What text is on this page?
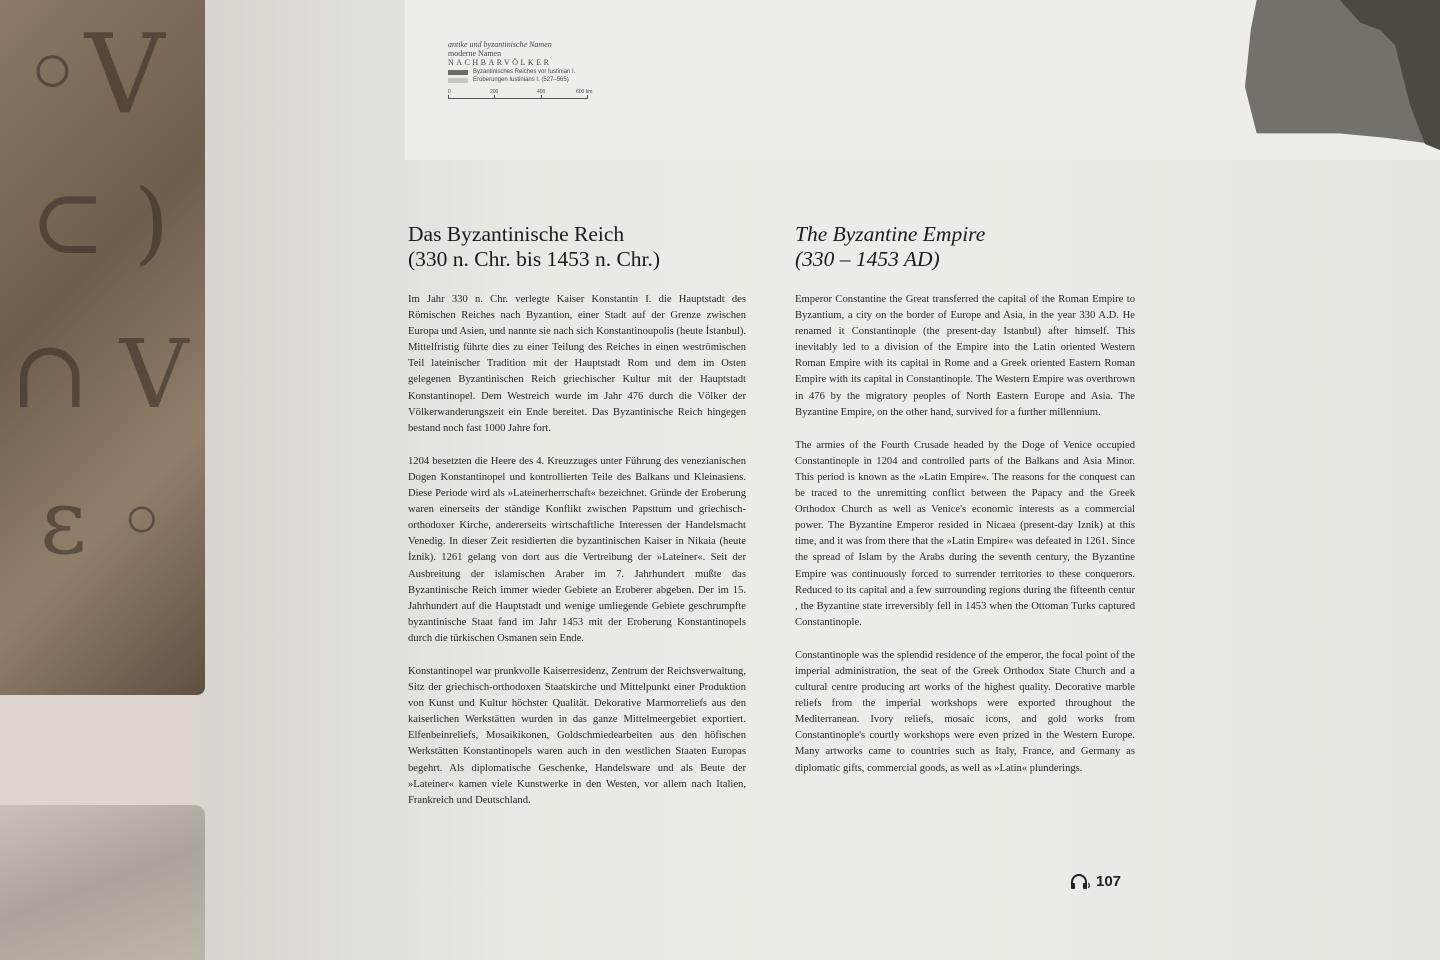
antike und byzantinische Namen
moderne Namen
NACHBARVÖLKER
Byzantinisches Reiches vor Iustinian I.
Eroberungen Iustinians I. (527–565)
0	200	400	600 km
◦V
⊂ )
∩ Ⅴ
ε ◦
Das Byzantinische Reich
(330 n. Chr. bis 1453 n. Chr.)

Im Jahr 330 n. Chr. verlegte Kaiser Konstantin I. die Hauptstadt des Römischen Reiches nach Byzantion, einer Stadt auf der Grenze zwischen Europa und Asien, und nannte sie nach sich Konstantinoupolis (heute İstanbul). Mittelfristig führte dies zu einer Teilung des Reiches in einen weströmischen Teil lateinischer Tradition mit der Hauptstadt Rom und dem im Osten gelegenen Byzantinischen Reich griechischer Kultur mit der Hauptstadt Konstantinopel. Dem Westreich wurde im Jahr 476 durch die Völker der Völkerwanderungszeit ein Ende bereitet. Das Byzantinische Reich hingegen bestand noch fast 1000 Jahre fort.

1204 besetzten die Heere des 4. Kreuzzuges unter Führung des venezianischen Dogen Konstantinopel und kontrollierten Teile des Balkans und Kleinasiens. Diese Periode wird als »Lateinerherrschaft« bezeichnet. Gründe der Eroberung waren einerseits der ständige Konflikt zwischen Papsttum und griechisch-orthodoxer Kirche, andererseits wirtschaftliche Interessen der Handelsmacht Venedig. In dieser Zeit residierten die byzantinischen Kaiser in Nikaia (heute İznik). 1261 gelang von dort aus die Vertreibung der »Lateiner«. Seit der Ausbreitung der islamischen Araber im 7. Jahrhundert mußte das Byzantinische Reich immer wieder Gebiete an Eroberer abgeben. Der im 15. Jahrhundert auf die Hauptstadt und wenige umliegende Gebiete geschrumpfte byzantinische Staat fand im Jahr 1453 mit der Eroberung Konstantinopels durch die türkischen Osmanen sein Ende.

Konstantinopel war prunkvolle Kaiserresidenz, Zentrum der Reichsverwaltung, Sitz der griechisch-orthodoxen Staatskirche und Mittelpunkt einer Produktion von Kunst und Kultur höchster Qualität. Dekorative Marmorreliefs aus den kaiserlichen Werkstätten wurden in das ganze Mittelmeergebiet exportiert. Elfenbeinreliefs, Mosaikikonen, Goldschmiedearbeiten aus den höfischen Werkstätten Konstantinopels waren auch in den westlichen Staaten Europas begehrt. Als diplomatische Geschenke, Handelsware und als Beute der »Lateiner« kamen viele Kunstwerke in den Westen, vor allem nach Italien, Frankreich und Deutschland.

The Byzantine Empire
(330 – 1453 AD)

Emperor Constantine the Great transferred the capital of the Roman Empire to Byzantium, a city on the border of Europe and Asia, in the year 330 A.D. He renamed it Constantinople (the present-day Istanbul) after himself. This inevitably led to a division of the Empire into the Latin oriented Western Roman Empire with its capital in Rome and a Greek oriented Eastern Roman Empire with its capital in Constantinople. The Western Empire was overthrown in 476 by the migratory peoples of North Eastern Europe and Asia. The Byzantine Empire, on the other hand, survived for a further millennium.

The armies of the Fourth Crusade headed by the Doge of Venice occupied Constantinople in 1204 and controlled parts of the Balkans and Asia Minor. This period is known as the »Latin Empire«. The reasons for the conquest can be traced to the unremitting conflict between the Papacy and the Greek Orthodox Church as well as Venice's economic interests as a commercial power. The Byzantine Emperor resided in Nicaea (present-day Iznik) at this time, and it was from there that the »Latin Empire« was defeated in 1261. Since the spread of Islam by the Arabs during the seventh century, the Byzantine Empire was continuously forced to surrender territories to these conquerors. Reduced to its capital and a few surrounding regions during the fifteenth centur , the Byzantine state irreversibly fell in 1453 when the Ottoman Turks captured Constantinople.

Constantinople was the splendid residence of the emperor, the focal point of the imperial administration, the seat of the Greek Orthodox State Church and a cultural centre producing art works of the highest quality. Decorative marble reliefs from the imperial workshops were exported throughout the Mediterranean. Ivory reliefs, mosaic icons, and gold works from Constantinople's courtly workshops were even prized in the Western Europe. Many artworks came to countries such as Italy, France, and Germany as diplomatic gifts, commercial goods, as well as »Latin« plunderings.

107
